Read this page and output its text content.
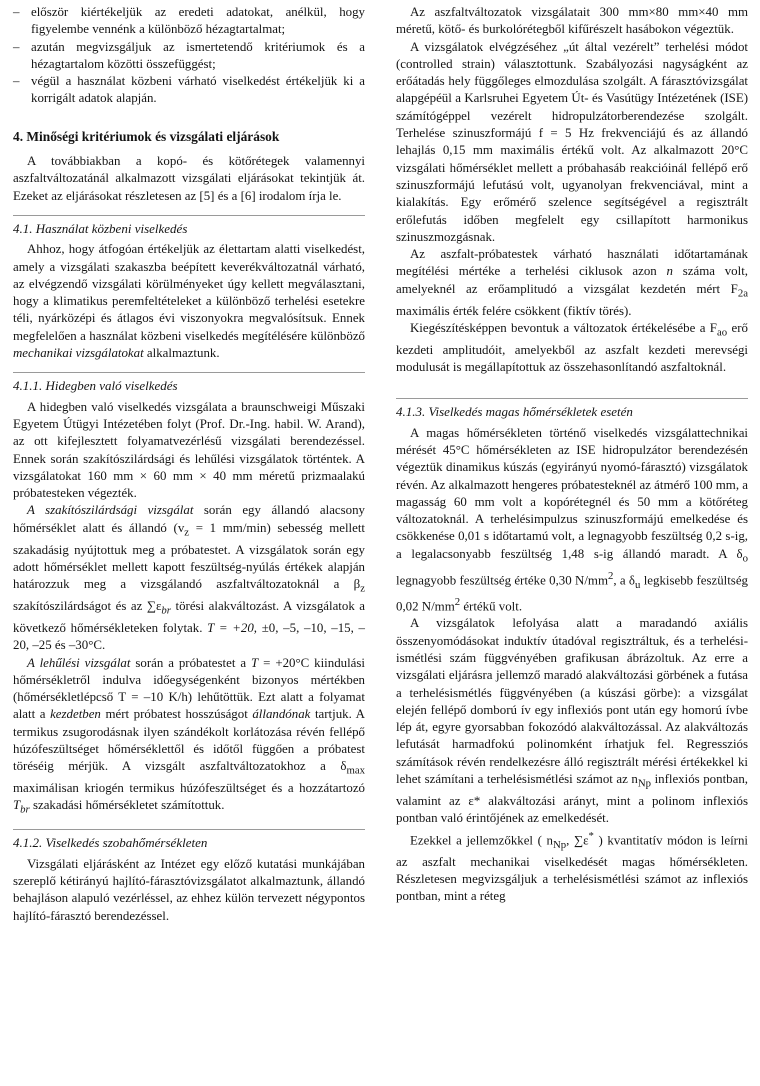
– először kiértékeljük az eredeti adatokat, anélkül, hogy figyelembe vennénk a különböző hézagtartalmat;
– azután megvizsgáljuk az ismertetendő kritériumok és a hézagtartalom közötti összefüggést;
– végül a használat közbeni várható viselkedést értékeljük ki a korrigált adatok alapján.
4. Minőségi kritériumok és vizsgálati eljárások

A továbbiakban a kopó- és kötőrétegek valamennyi aszfaltváltozatánál alkalmazott vizsgálati eljárásokat tekintjük át. Ezeket az eljárásokat részletesen az [5] és a [6] irodalom írja le.

4.1. Használat közbeni viselkedés

Ahhoz, hogy átfogóan értékeljük az élettartam alatti viselkedést, amely a vizsgálati szakaszba beépített keverékváltozatnál várható, az elvégzendő vizsgálati körülményeket úgy kellett megválasztani, hogy a klimatikus peremfeltételeket a különböző terhelési esetekre téli, nyárközépi és átlagos évi viszonyokra megvalósítsuk. Ennek megfelelően a használat közbeni viselkedés megítélésére különböző mechanikai vizsgálatokat alkalmaztunk.

4.1.1. Hidegben való viselkedés

A hidegben való viselkedés vizsgálata a braunschweigi Műszaki Egyetem Útügyi Intézetében folyt (Prof. Dr.-Ing. habil. W. Arand), az ott kifejlesztett folyamatvezérlésű vizsgálati berendezéssel. Ennek során szakítószilárdsági és lehűlési vizsgálatok történtek. A vizsgálatokat 160 mm × 60 mm × 40 mm méretű prizmaalakú próbatesteken végezték.

A szakítószilárdsági vizsgálat során egy állandó alacsony hőmérséklet alatt és állandó ($v_z = 1$ mm/min) sebesség mellett szakadásig nyújtottuk meg a próbatestet. A vizsgálatok során egy adott hőmérséklet mellett kapott feszültség-nyúlás értékek alapján határozzuk meg a vizsgálandó aszfaltváltozatoknál a $\beta_z$ szakítószilárdságot és az $\sum\varepsilon_{br}$ törési alakváltozást. A vizsgálatok a következő hőmérsékleteken folytak. T = +20, ±0, –5, –10, –15, –20, –25 és –30°C.

A lehűlési vizsgálat során a próbatestet a T = +20°C kiindulási hőmérsékletről indulva időegységenként bizonyos mértékben (hőmérsékletlépcső T = –10 K/h) lehűtöttük. Ezt alatt a folyamat alatt a kezdetben mért próbatest hosszúságot állandónak tartjuk. A termikus zsugorodásnak ilyen szándékolt korlátozása révén fellépő húzófeszültséget hőmérséklettől és időtől függően a próbatest töréséig mérjük. A vizsgált aszfaltváltozatokhoz a $\delta_{max}$ maximálisan kriogén termikus húzófeszültséget és a hozzátartozó $T_{br}$ szakadási hőmérsékletet számítottuk.

4.1.2. Viselkedés szobahőmérsékleten

Vizsgálati eljárásként az Intézet egy előző kutatási munkájában szereplő kétirányú hajlító-fárasztóvizsgálatot alkalmaztunk, állandó behajláson alapuló vezérléssel, az ehhez külön tervezett négypontos hajlító-fárasztó berendezéssel.

Az aszfaltváltozatok vizsgálatait 300 mm×80 mm×40 mm méretű, kötő- és burkolórétegből kifűrészelt hasábokon végeztük.

A vizsgálatok elvégzéséhez „út által vezérelt” terhelési módot (controlled strain) választottunk. Szabályozási nagyságként az erőátadás hely függőleges elmozdulása szolgált. A fárasztóvizsgálat alapgépéül a Karlsruhei Egyetem Út- és Vasútügy Intézetének (ISE) számítógéppel vezérelt hidropulzátorberendezése szolgált. Terhelése szinuszformájú f = 5 Hz frekvenciájú és az állandó lehajlás 0,15 mm maximális értékű volt. Az alkalmazott 20°C vizsgálati hőmérséklet mellett a próbahasáb reakcióinál fellépő erő szinuszformájú lefutású volt, ugyanolyan frekvenciával, mint a kialakítás. Egy erőmérő szelence segítségével a regisztrált erőlefutás időben megfelelt egy csillapított harmonikus szinuszmozgásnak.

Az aszfalt-próbatestek várható használati időtartamának megítélési mértéke a terhelési ciklusok azon n száma volt, amelyeknél az erőamplitudó a vizsgálat kezdetén mért $F_{2a}$ maximális érték felére csökkent (fiktív törés).

Kiegészítésképpen bevontuk a változatok értékelésébe a $F_{ao}$ erő kezdeti amplitudóit, amelyekből az aszfalt kezdeti merevségi modulusát is megállapítottuk az összehasonlítandó aszfaltoknál.

4.1.3. Viselkedés magas hőmérsékletek esetén

A magas hőmérsékleten történő viselkedés vizsgálattechnikai mérését 45°C hőmérsékleten az ISE hidropulzátor berendezésén végeztük dinamikus kúszás (egyirányú nyomó-fárasztó) vizsgálatok révén. Az alkalmazott hengeres próbatesteknél az átmérő 100 mm, a magasság 60 mm volt a kopórétegnél és 50 mm a kötőréteg változatoknál. A terhelésimpulzus szinuszformájú emelkedése és csökkenése 0,01 s időtartamú volt, a legnagyobb feszültség 0,2 s-ig, a legalacsonyabb feszültség 1,48 s-ig állandó maradt. A $\delta_o$ legnagyobb feszültség értéke 0,30 $N/mm^2$, a $\delta_u$ legkisebb feszültség 0,02 $N/mm^2$ értékű volt.

A vizsgálatok lefolyása alatt a maradandó axiális összenyomódásokat induktív útadóval regisztráltuk, és a terhelési-ismétlési szám függvényében grafikusan ábrázoltuk. Az erre a vizsgálati eljárásra jellemző maradó alakváltozási görbének a futása a terhelésismétlés függvényében (a kúszási görbe): a vizsgálat elején fellépő domború ív egy inflexiós pont után egy homorú ívbe lép át, egyre gyorsabban fokozódó alakváltozással. Az alakváltozás lefutását harmadfokú polinomként írhatjuk fel. Regressziós számítások révén rendelkezésre álló regisztrált mérési értékekkel ki lehet számítani a terhelésismétlési számot az $n_{Np}$ inflexiós pontban, valamint az ε* alakváltozási arányt, mint a polinom inflexiós pontban való érintőjének az emelkedését.

Ezekkel a jellemzőkkel ( $n_{Np}$, ∑ε* ) kvantitatív módon is leírni az aszfalt mechanikai viselkedését magas hőmérsékleten. Részletesen megvizsgáljuk a terhelésismétlési számot az inflexiós pontban, mint a réteg
